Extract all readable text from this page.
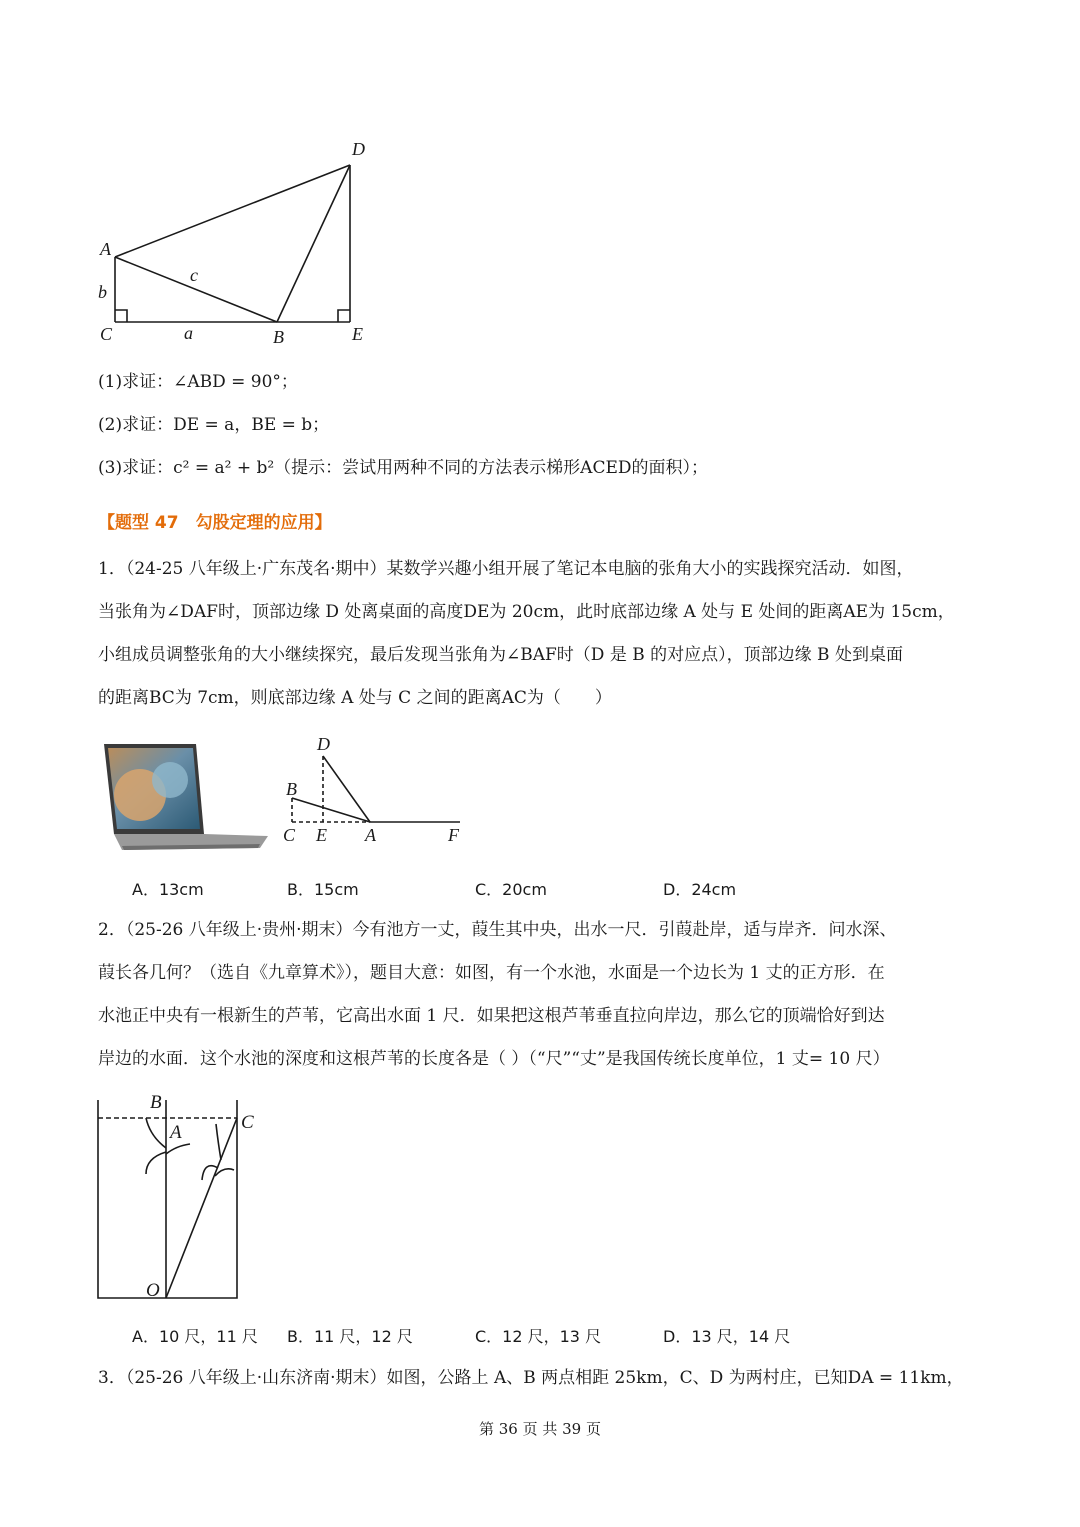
D
A
b
c
C	a	B	E
(1)求证：∠ABD = 90°；
(2)求证：DE = a，BE = b；
(3)求证：c² = a² + b²（提示：尝试用两种不同的方法表示梯形ACED的面积）；
【题型 47　勾股定理的应用】
1．（24-25 八年级上·广东茂名·期中）某数学兴趣小组开展了笔记本电脑的张角大小的实践探究活动．如图，
当张角为∠DAF时，顶部边缘 D 处离桌面的高度DE为 20cm，此时底部边缘 A 处与 E 处间的距离AE为 15cm，
小组成员调整张角的大小继续探究，最后发现当张角为∠BAF时（D 是 B 的对应点），顶部边缘 B 处到桌面
的距离BC为 7cm，则底部边缘 A 处与 C 之间的距离AC为（　　）
D
B
C E A	F
A．13cm	B．15cm	C．20cm	D．24cm
2．（25-26 八年级上·贵州·期末）今有池方一丈，葭生其中央，出水一尺．引葭赴岸，适与岸齐．问水深、
葭长各几何？（选自《九章算术》），题目大意：如图，有一个水池，水面是一个边长为 1 丈的正方形．在
水池正中央有一根新生的芦苇，它高出水面 1 尺．如果把这根芦苇垂直拉向岸边，那么它的顶端恰好到达
岸边的水面．这个水池的深度和这根芦苇的长度各是（ ）（“尺”“丈”是我国传统长度单位，1 丈= 10 尺）
B
A	C
O
A．10 尺，11 尺 B．11 尺，12 尺	C．12 尺，13 尺	D．13 尺，14 尺
3．（25-26 八年级上·山东济南·期末）如图，公路上 A、B 两点相距 25km，C、D 为两村庄，已知DA = 11km，
第 36 页 共 39 页
